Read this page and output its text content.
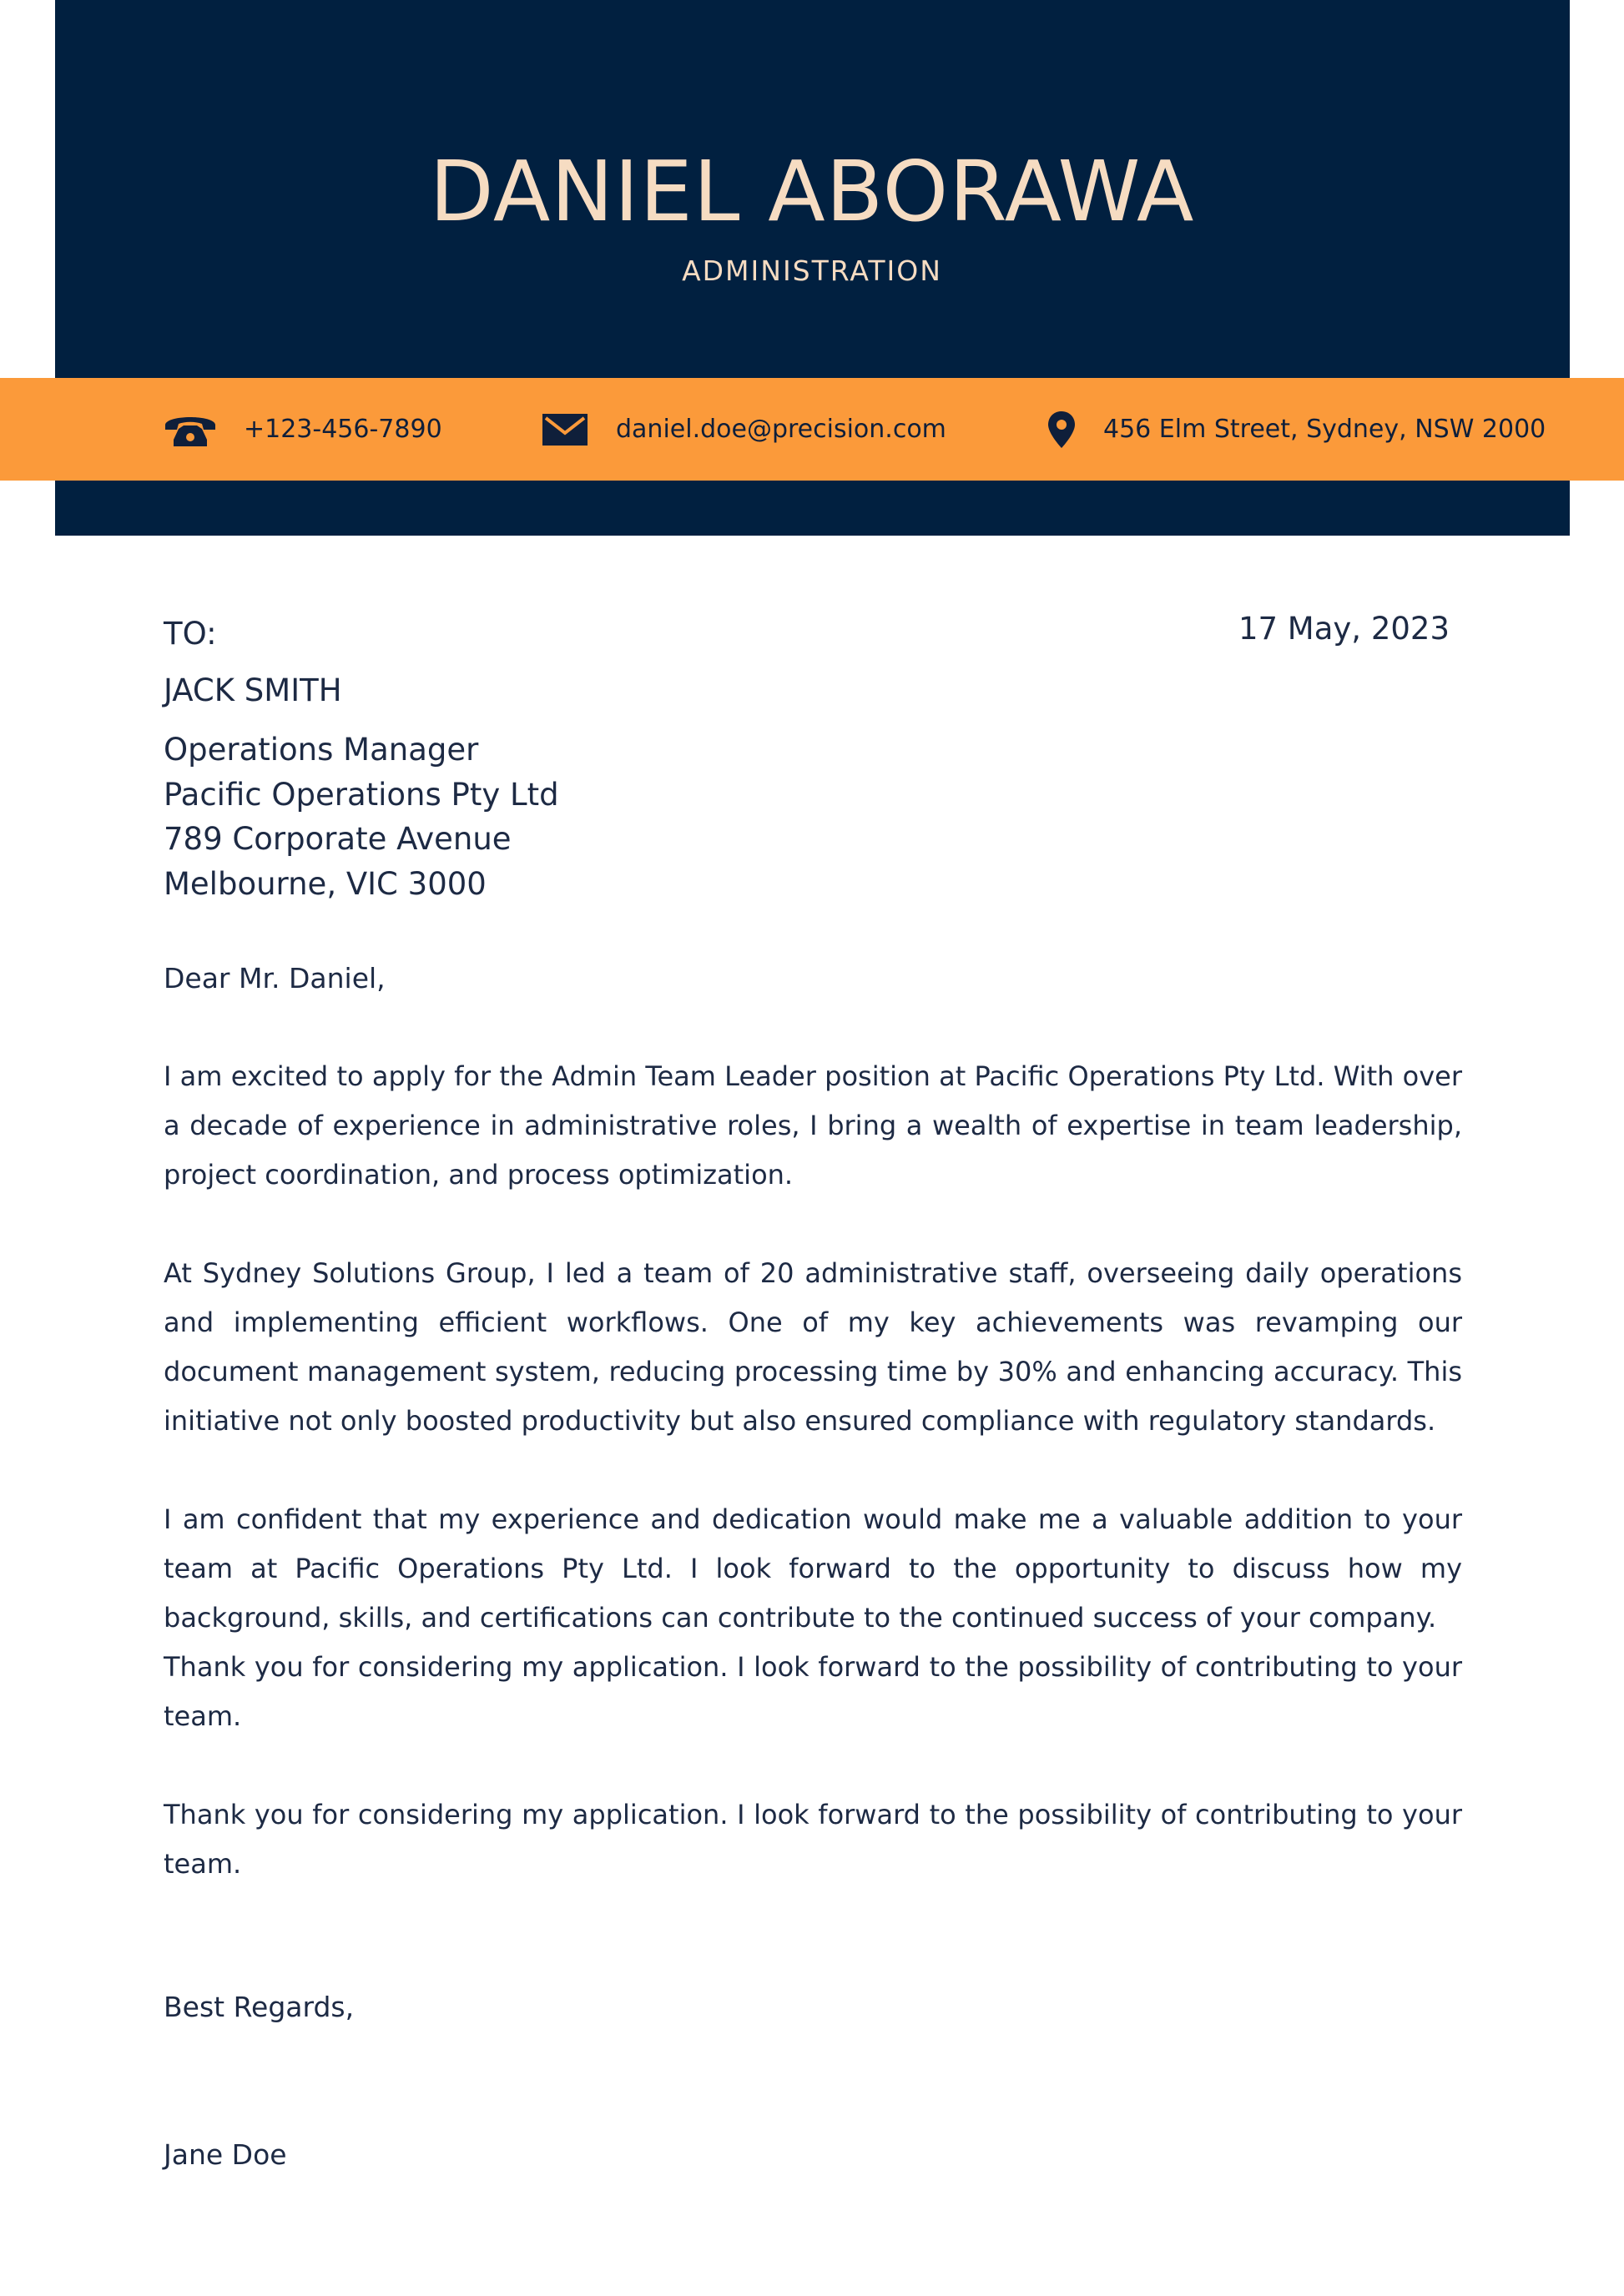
DANIEL ABORAWA
ADMINISTRATION
+123-456-7890	daniel.doe@precision.com	456 Elm Street, Sydney, NSW 2000
TO:	17 May, 2023
JACK SMITH
Operations Manager
Pacific Operations Pty Ltd
789 Corporate Avenue
Melbourne, VIC 3000
Dear Mr. Daniel,

I am excited to apply for the Admin Team Leader position at Pacific Operations Pty Ltd. With over a decade of experience in administrative roles, I bring a wealth of expertise in team leadership, project coordination, and process optimization.

At Sydney Solutions Group, I led a team of 20 administrative staff, overseeing daily operations and implementing efficient workflows. One of my key achievements was revamping our document management system, reducing processing time by 30% and enhancing accuracy. This initiative not only boosted productivity but also ensured compliance with regulatory standards.

I am confident that my experience and dedication would make me a valuable addition to your team at Pacific Operations Pty Ltd. I look forward to the opportunity to discuss how my background, skills, and certifications can contribute to the continued success of your company.

Thank you for considering my application. I look forward to the possibility of contributing to your team.

Thank you for considering my application. I look forward to the possibility of contributing to your team.

Best Regards,
Jane Doe
